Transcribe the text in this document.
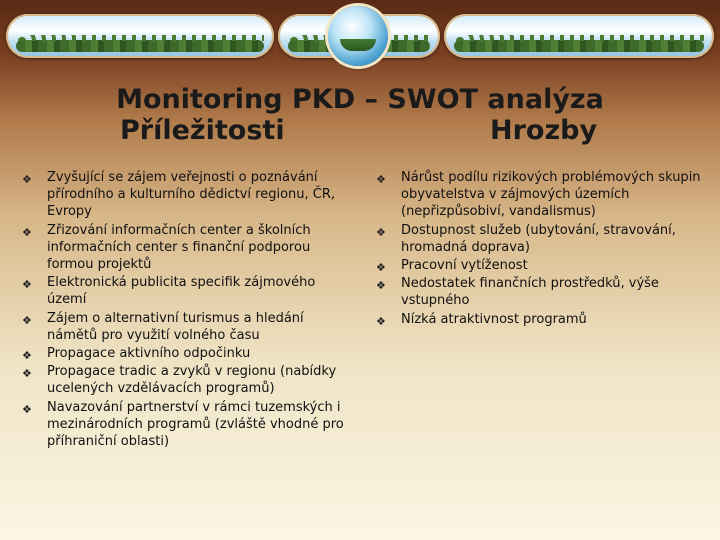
Monitoring PKD – SWOT analýza
Příležitosti	Hrozby
❖ Zvyšující se zájem veřejnosti o poznávání přírodního a kulturního dědictví regionu, ČR, Evropy
❖ Zřizování informačních center a školních informačních center s finanční podporou formou projektů
❖ Elektronická publicita specifik zájmového území
❖ Zájem o alternativní turismus a hledání námětů pro využití volného času
❖ Propagace aktivního odpočinku
❖ Propagace tradic a zvyků v regionu (nabídky ucelených vzdělávacích programů)
❖ Navazování partnerství v rámci tuzemských i mezinárodních programů (zvláště vhodné pro příhraniční oblasti)
❖ Nárůst podílu rizikových problémových skupin obyvatelstva v zájmových územích (nepřizpůsobiví, vandalismus)
❖ Dostupnost služeb (ubytování, stravování, hromadná doprava)
❖ Pracovní vytíženost
❖ Nedostatek finančních prostředků, výše vstupného
❖ Nízká atraktivnost programů
